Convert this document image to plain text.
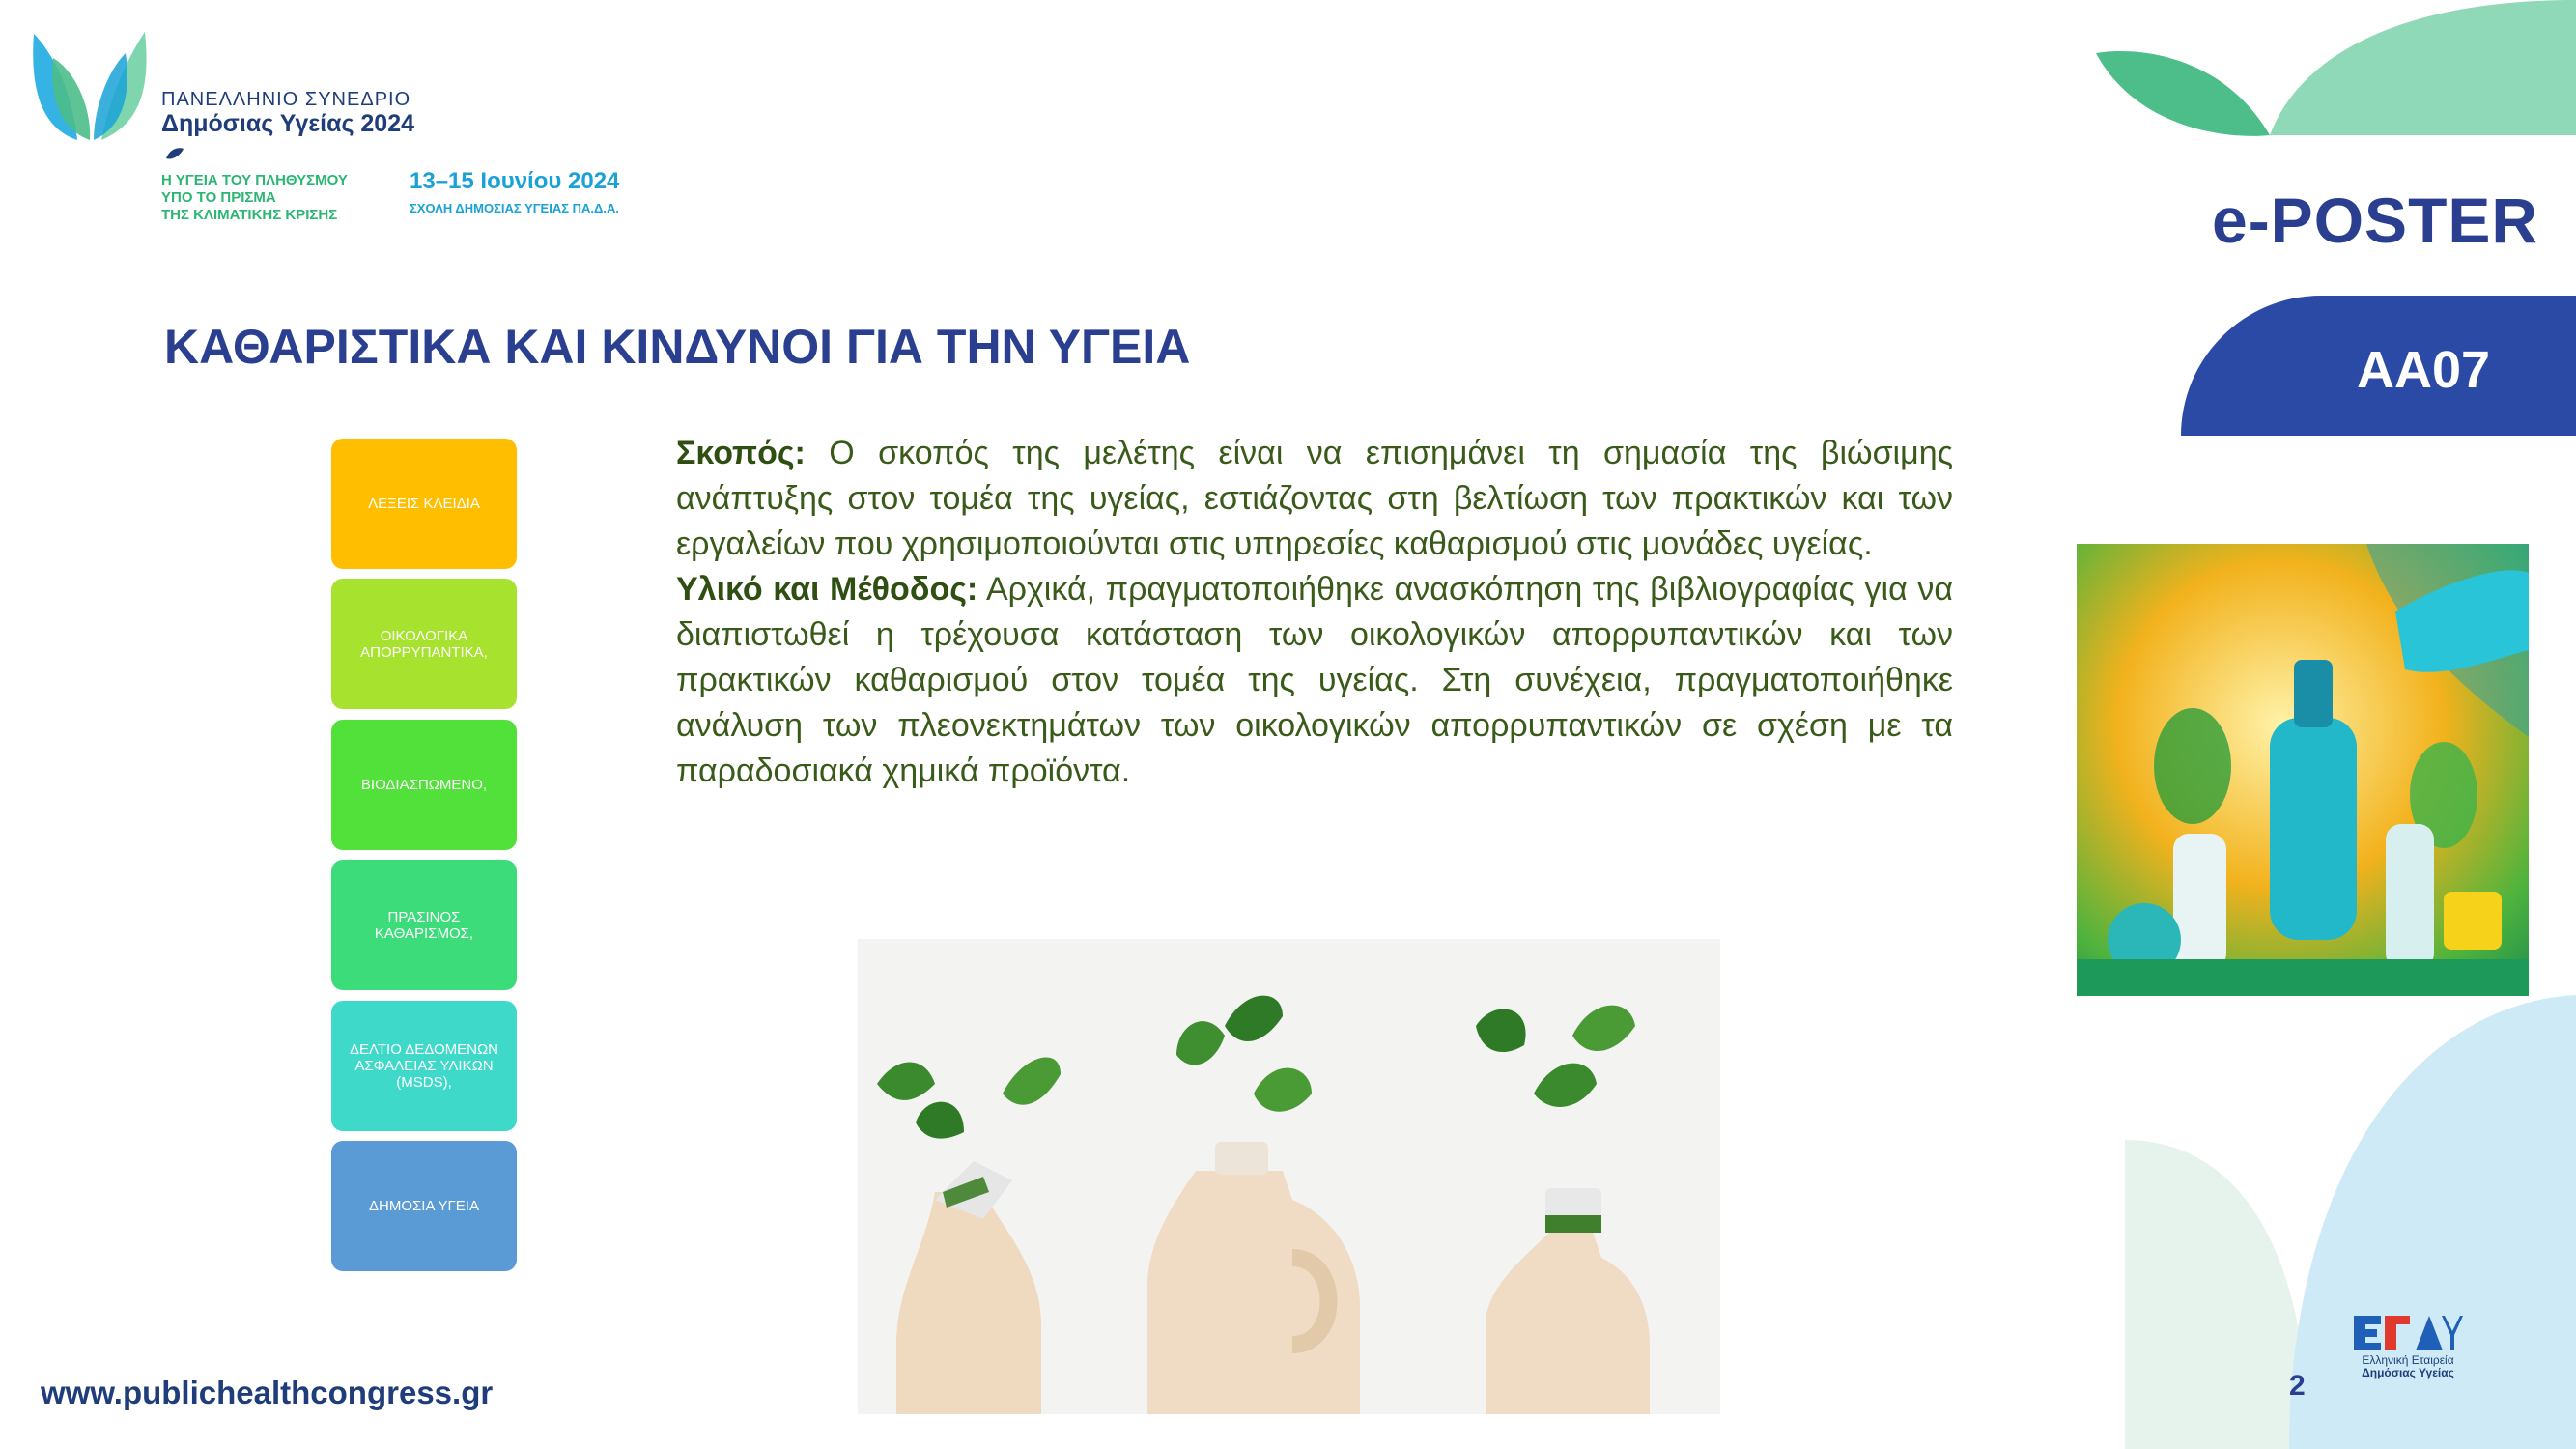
ΠΑΝΕΛΛΗΝΙΟ ΣΥΝΕΔΡΙΟ
Δημόσιας Υγείας 2024
Η ΥΓΕΙΑ ΤΟΥ ΠΛΗΘΥΣΜΟΥ
ΥΠΟ ΤΟ ΠΡΙΣΜΑ
ΤΗΣ ΚΛΙΜΑΤΙΚΗΣ ΚΡΙΣΗΣ
13–15 Ιουνίου 2024
ΣΧΟΛΗ ΔΗΜΟΣΙΑΣ ΥΓΕΙΑΣ ΠΑ.Δ.Α.	e-POSTER
AA07
ΚΑΘΑΡΙΣΤΙΚΑ ΚΑΙ ΚΙΝΔΥΝΟΙ ΓΙΑ ΤΗΝ ΥΓΕΙΑ
ΛΕΞΕΙΣ ΚΛΕΙΔΙΑ
ΟΙΚΟΛΟΓΙΚΑ ΑΠΟΡΡΥΠΑΝΤΙΚΑ,
ΒΙΟΔΙΑΣΠΩΜΕΝΟ,
ΠΡΑΣΙΝΟΣ ΚΑΘΑΡΙΣΜΟΣ,
ΔΕΛΤΙΟ ΔΕΔΟΜΕΝΩΝ ΑΣΦΑΛΕΙΑΣ ΥΛΙΚΩΝ (MSDS),
ΔΗΜΟΣΙΑ ΥΓΕΙΑ
Σκοπός: Ο σκοπός της μελέτης είναι να επισημάνει τη σημασία της βιώσιμης ανάπτυξης στον τομέα της υγείας, εστιάζοντας στη βελτίωση των πρακτικών και των εργαλείων που χρησιμοποιούνται στις υπηρεσίες καθαρισμού στις μονάδες υγείας.
Υλικό και Μέθοδος: Αρχικά, πραγματοποιήθηκε ανασκόπηση της βιβλιογραφίας για να διαπιστωθεί η τρέχουσα κατάσταση των οικολογικών απορρυπαντικών και των πρακτικών καθαρισμού στον τομέα της υγείας. Στη συνέχεια, πραγματοποιήθηκε ανάλυση των πλεονεκτημάτων των οικολογικών απορρυπαντικών σε σχέση με τα παραδοσιακά χημικά προϊόντα.
www.publichealthcongress.gr	2
Ελληνική Εταιρεία
Δημόσιας Υγείας
